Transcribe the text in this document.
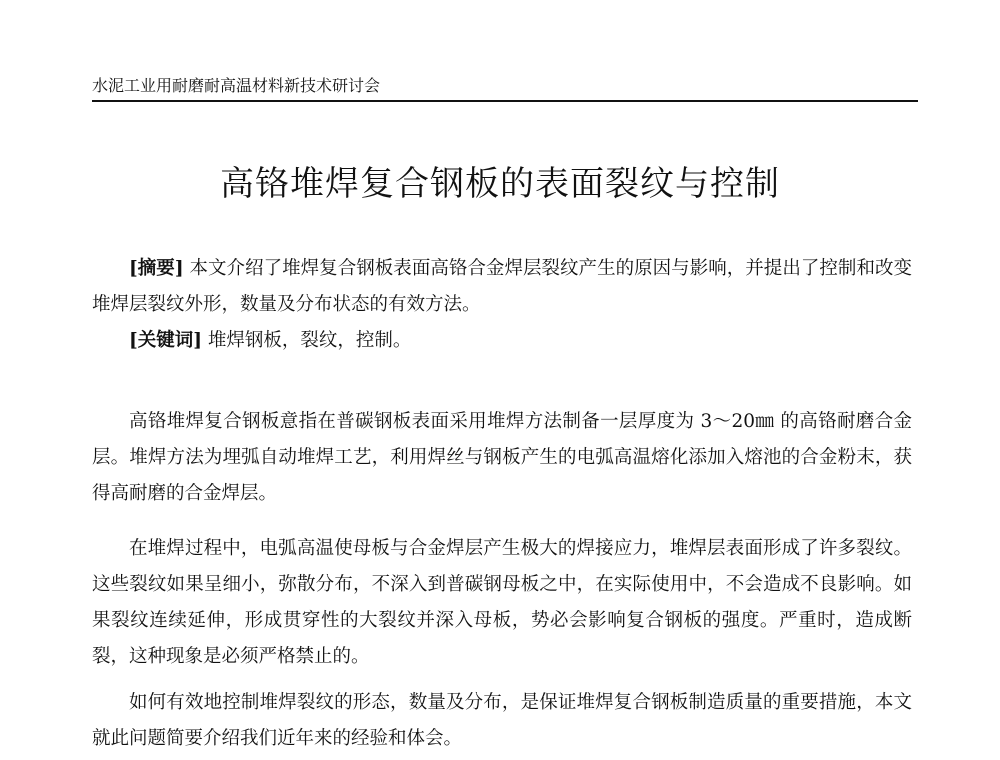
水泥工业用耐磨耐高温材料新技术研讨会
高铬堆焊复合钢板的表面裂纹与控制

[摘要] 本文介绍了堆焊复合钢板表面高铬合金焊层裂纹产生的原因与影响，并提出了控制和改变堆焊层裂纹外形，数量及分布状态的有效方法。

[关键词] 堆焊钢板，裂纹，控制。

高铬堆焊复合钢板意指在普碳钢板表面采用堆焊方法制备一层厚度为 3～20㎜ 的高铬耐磨合金层。堆焊方法为埋弧自动堆焊工艺，利用焊丝与钢板产生的电弧高温熔化添加入熔池的合金粉末，获得高耐磨的合金焊层。

在堆焊过程中，电弧高温使母板与合金焊层产生极大的焊接应力，堆焊层表面形成了许多裂纹。这些裂纹如果呈细小，弥散分布，不深入到普碳钢母板之中，在实际使用中，不会造成不良影响。如果裂纹连续延伸，形成贯穿性的大裂纹并深入母板，势必会影响复合钢板的强度。严重时，造成断裂，这种现象是必须严格禁止的。

如何有效地控制堆焊裂纹的形态，数量及分布，是保证堆焊复合钢板制造质量的重要措施，本文就此问题简要介绍我们近年来的经验和体会。
